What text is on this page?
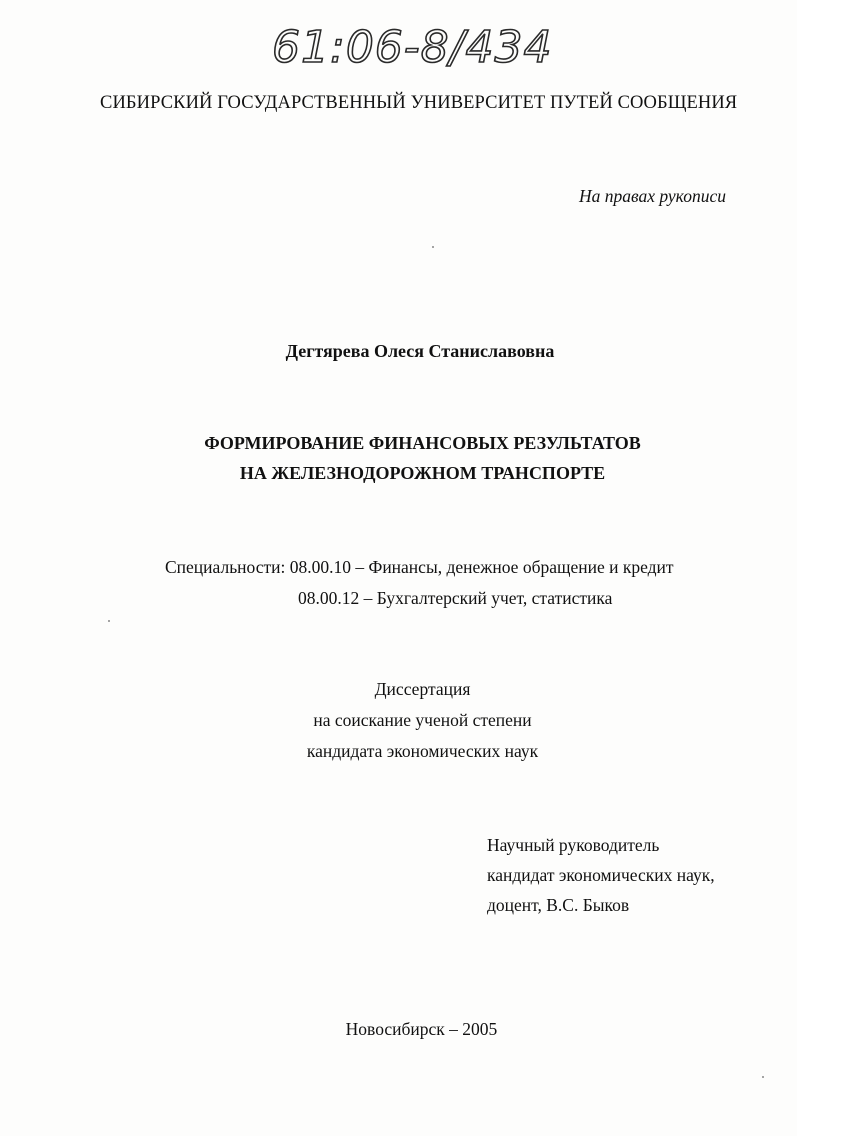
61:06-8/434
СИБИРСКИЙ ГОСУДАРСТВЕННЫЙ УНИВЕРСИТЕТ ПУТЕЙ СООБЩЕНИЯ
На правах рукописи
Дегтярева Олеся Станиславовна
ФОРМИРОВАНИЕ ФИНАНСОВЫХ РЕЗУЛЬТАТОВ
НА ЖЕЛЕЗНОДОРОЖНОМ ТРАНСПОРТЕ
Специальности: 08.00.10 – Финансы, денежное обращение и кредит
08.00.12 – Бухгалтерский учет, статистика
Диссертация
на соискание ученой степени
кандидата экономических наук
Научный руководитель
кандидат экономических наук,
доцент, В.С. Быков
Новосибирск – 2005
